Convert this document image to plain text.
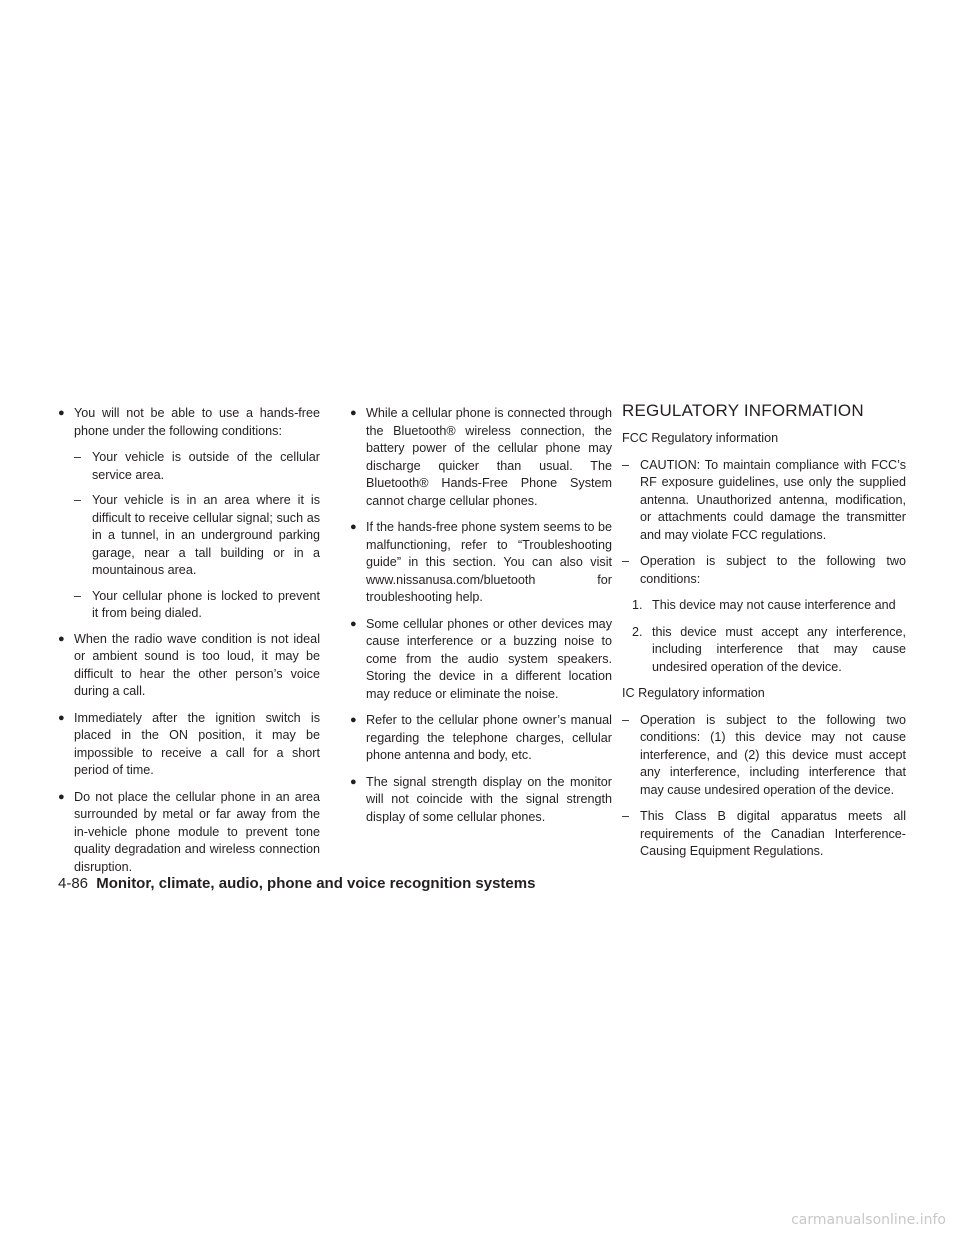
● You will not be able to use a hands-free phone under the following conditions:
– Your vehicle is outside of the cellular service area.
– Your vehicle is in an area where it is difficult to receive cellular signal; such as in a tunnel, in an underground parking garage, near a tall building or in a mountainous area.
– Your cellular phone is locked to prevent it from being dialed.
● When the radio wave condition is not ideal or ambient sound is too loud, it may be difficult to hear the other person’s voice during a call.
● Immediately after the ignition switch is placed in the ON position, it may be impossible to receive a call for a short period of time.
● Do not place the cellular phone in an area surrounded by metal or far away from the in-vehicle phone module to prevent tone quality degradation and wireless connection disruption.
● While a cellular phone is connected through the Bluetooth® wireless connection, the battery power of the cellular phone may discharge quicker than usual. The Bluetooth® Hands-Free Phone System cannot charge cellular phones.
● If the hands-free phone system seems to be malfunctioning, refer to “Troubleshooting guide” in this section. You can also visit www.nissanusa.com/bluetooth for troubleshooting help.
● Some cellular phones or other devices may cause interference or a buzzing noise to come from the audio system speakers. Storing the device in a different location may reduce or eliminate the noise.
● Refer to the cellular phone owner’s manual regarding the telephone charges, cellular phone antenna and body, etc.
● The signal strength display on the monitor will not coincide with the signal strength display of some cellular phones.
REGULATORY INFORMATION
FCC Regulatory information
– CAUTION: To maintain compliance with FCC’s RF exposure guidelines, use only the supplied antenna. Unauthorized antenna, modification, or attachments could damage the transmitter and may violate FCC regulations.
– Operation is subject to the following two conditions:
1. This device may not cause interference and
2. this device must accept any interference, including interference that may cause undesired operation of the device.
IC Regulatory information
– Operation is subject to the following two conditions: (1) this device may not cause interference, and (2) this device must accept any interference, including interference that may cause undesired operation of the device.
– This Class B digital apparatus meets all requirements of the Canadian Interference-Causing Equipment Regulations.
4-86 Monitor, climate, audio, phone and voice recognition systems
carmanualsonline.info
